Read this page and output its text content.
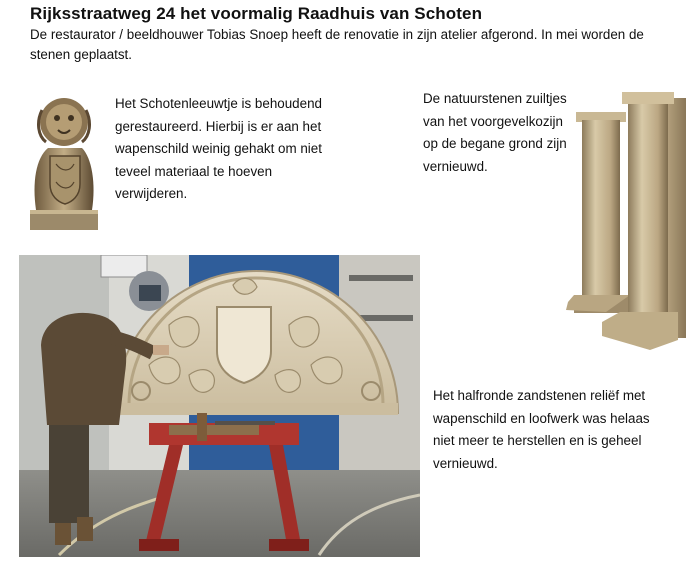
Rijksstraatweg 24 het voormalig Raadhuis van Schoten
De restaurator / beeldhouwer Tobias Snoep heeft de renovatie in zijn atelier afgerond. In mei worden de stenen geplaatst.
Het Schotenleeuwtje is behoudend gerestaureerd. Hierbij is er aan het wapenschild weinig gehakt om niet teveel materiaal te hoeven verwijderen.
De natuurstenen zuiltjes van het voorgevelkozijn op de begane grond zijn vernieuwd.
Het halfronde zandstenen reliëf met wapenschild en loofwerk was helaas niet meer te herstellen en is geheel vernieuwd.
